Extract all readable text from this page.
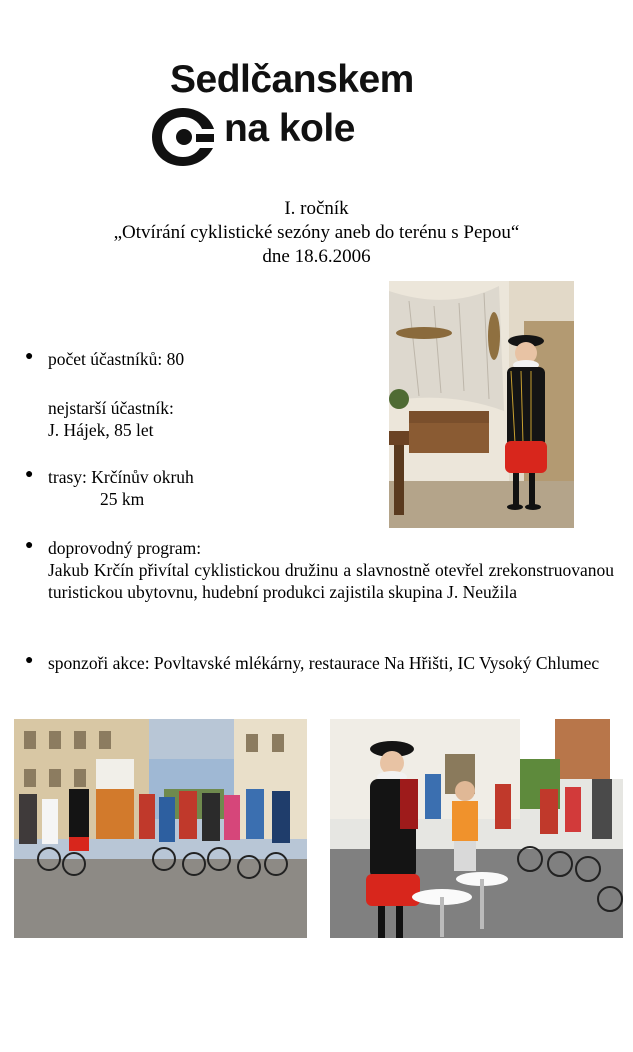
Sedlčanskem
na kole
I. ročník
„Otvírání cyklistické sezóny aneb do terénu s Pepou“
dne 18.6.2006
● počet účastníků: 80
nejstarší účastník:
J. Hájek, 85 let
● trasy: Krčínův okruh
25 km
● doprovodný program:
Jakub Krčín přivítal cyklistickou družinu a slavnostně otevřel zrekonstruovanou turistickou ubytovnu, hudební produkci zajistila skupina J. Neužila
● sponzoři akce: Povltavské mlékárny, restaurace Na Hřišti, IC Vysoký Chlumec
